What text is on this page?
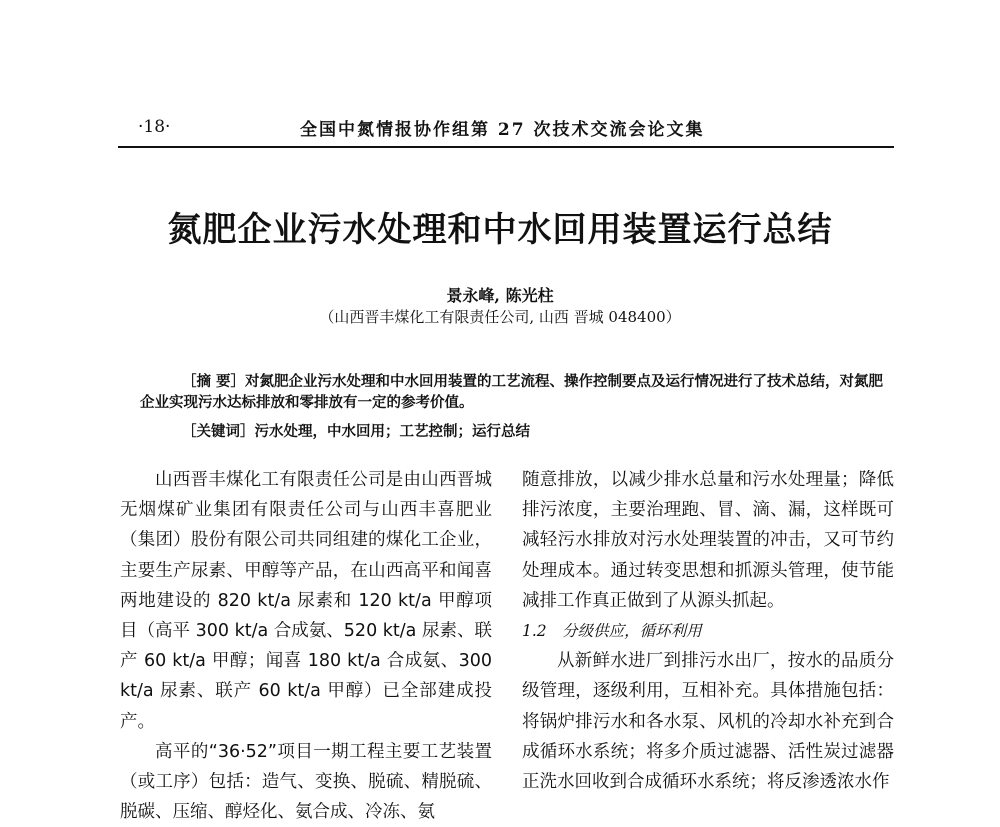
·18·	全国中氮情报协作组第 27 次技术交流会论文集
氮肥企业污水处理和中水回用装置运行总结
景永峰, 陈光柱
（山西晋丰煤化工有限责任公司, 山西 晋城 048400）

［摘 要］对氮肥企业污水处理和中水回用装置的工艺流程、操作控制要点及运行情况进行了技术总结，对氮肥企业实现污水达标排放和零排放有一定的参考价值。

［关键词］污水处理，中水回用；工艺控制；运行总结

山西晋丰煤化工有限责任公司是由山西晋城无烟煤矿业集团有限责任公司与山西丰喜肥业（集团）股份有限公司共同组建的煤化工企业，主要生产尿素、甲醇等产品，在山西高平和闻喜两地建设的 820 kt/a 尿素和 120 kt/a 甲醇项目（高平 300 kt/a 合成氨、520 kt/a 尿素、联产 60 kt/a 甲醇；闻喜 180 kt/a 合成氨、300 kt/a 尿素、联产 60 kt/a 甲醇）已全部建成投产。

高平的“36·52”项目一期工程主要工艺装置（或工序）包括：造气、变换、脱硫、精脱硫、脱碳、压缩、醇烃化、氨合成、冷冻、氨

随意排放，以减少排水总量和污水处理量；降低排污浓度，主要治理跑、冒、滴、漏，这样既可减轻污水排放对污水处理装置的冲击，又可节约处理成本。通过转变思想和抓源头管理，使节能减排工作真正做到了从源头抓起。

1.2　分级供应，循环利用

从新鲜水进厂到排污水出厂，按水的品质分级管理，逐级利用，互相补充。具体措施包括：将锅炉排污水和各水泵、风机的冷却水补充到合成循环水系统；将多介质过滤器、活性炭过滤器正洗水回收到合成循环水系统；将反渗透浓水作
